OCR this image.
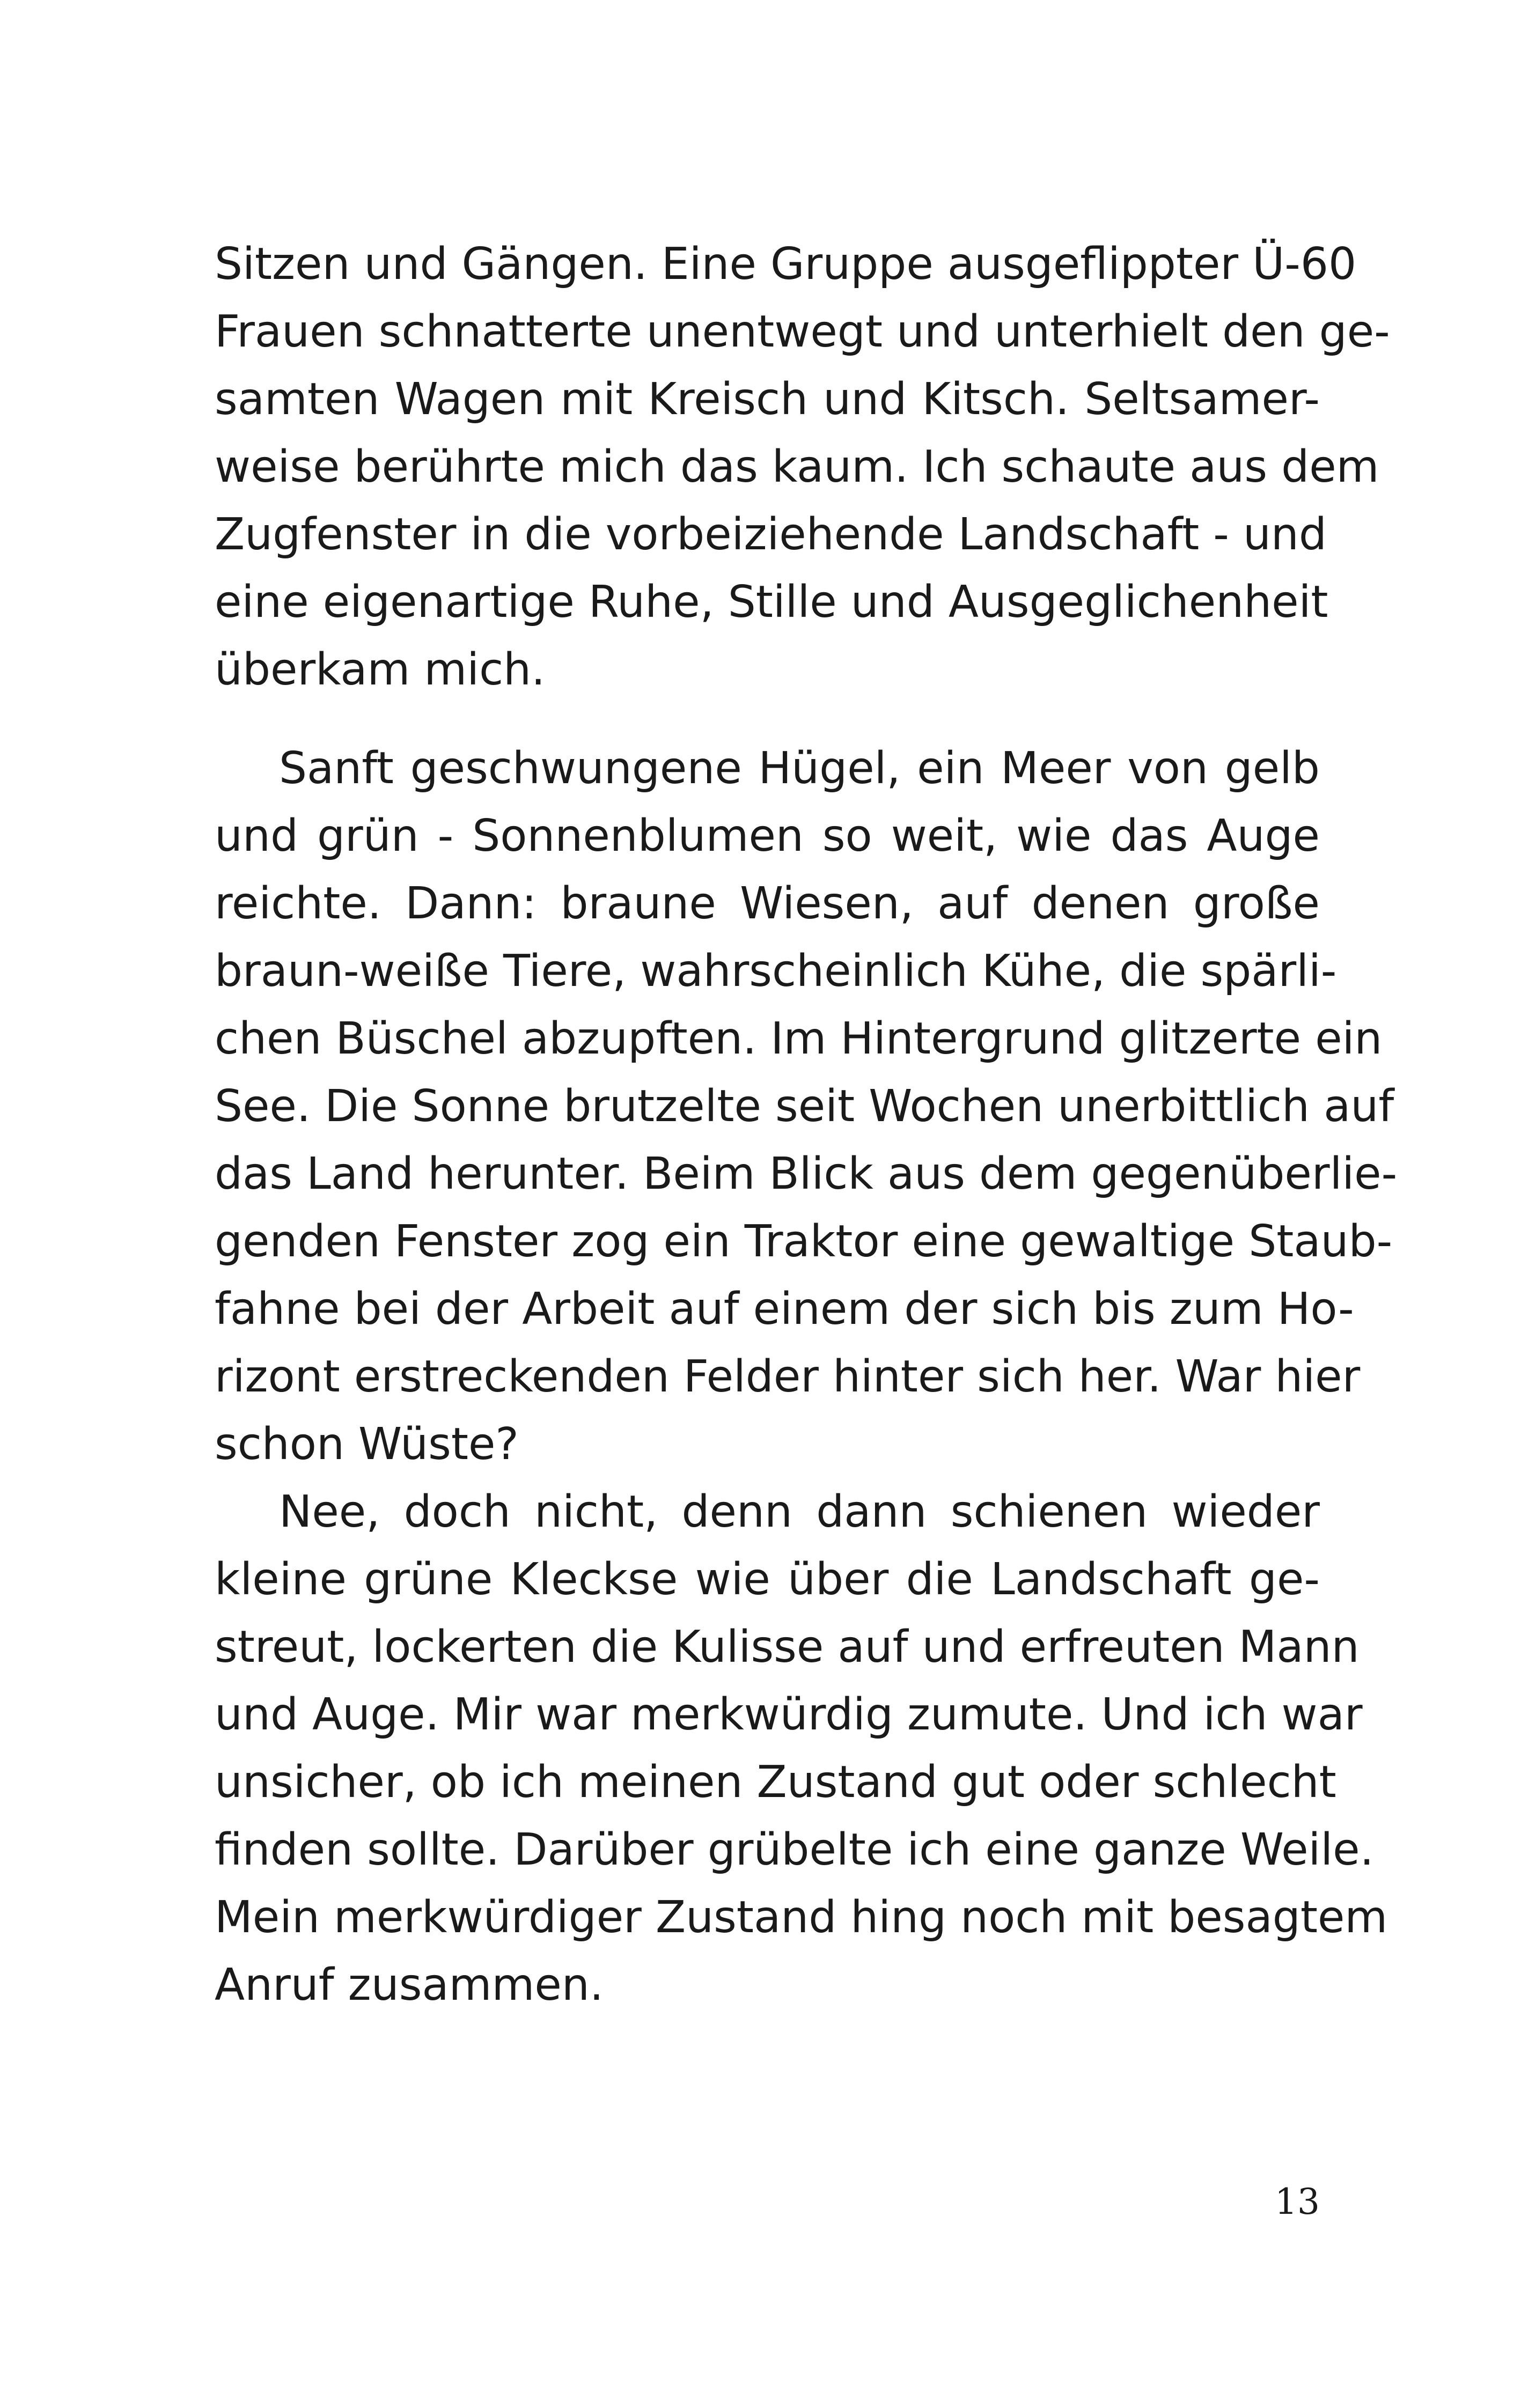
Sitzen und Gängen. Eine Gruppe ausgeflippter Ü-60
Frauen schnatterte unentwegt und unterhielt den ge-
samten Wagen mit Kreisch und Kitsch. Seltsamer-
weise berührte mich das kaum. Ich schaute aus dem
Zugfenster in die vorbeiziehende Landschaft - und
eine eigenartige Ruhe, Stille und Ausgeglichenheit
überkam mich.
Sanft geschwungene Hügel, ein Meer von gelb
und grün - Sonnenblumen so weit, wie das Auge
reichte. Dann: braune Wiesen, auf denen große
braun-weiße Tiere, wahrscheinlich Kühe, die spärli-
chen Büschel abzupften. Im Hintergrund glitzerte ein
See. Die Sonne brutzelte seit Wochen unerbittlich auf
das Land herunter. Beim Blick aus dem gegenüberlie-
genden Fenster zog ein Traktor eine gewaltige Staub-
fahne bei der Arbeit auf einem der sich bis zum Ho-
rizont erstreckenden Felder hinter sich her. War hier
schon Wüste?
Nee, doch nicht, denn dann schienen wieder
kleine grüne Kleckse wie über die Landschaft ge-
streut, lockerten die Kulisse auf und erfreuten Mann
und Auge. Mir war merkwürdig zumute. Und ich war
unsicher, ob ich meinen Zustand gut oder schlecht
finden sollte. Darüber grübelte ich eine ganze Weile.
Mein merkwürdiger Zustand hing noch mit besagtem
Anruf zusammen.
13
